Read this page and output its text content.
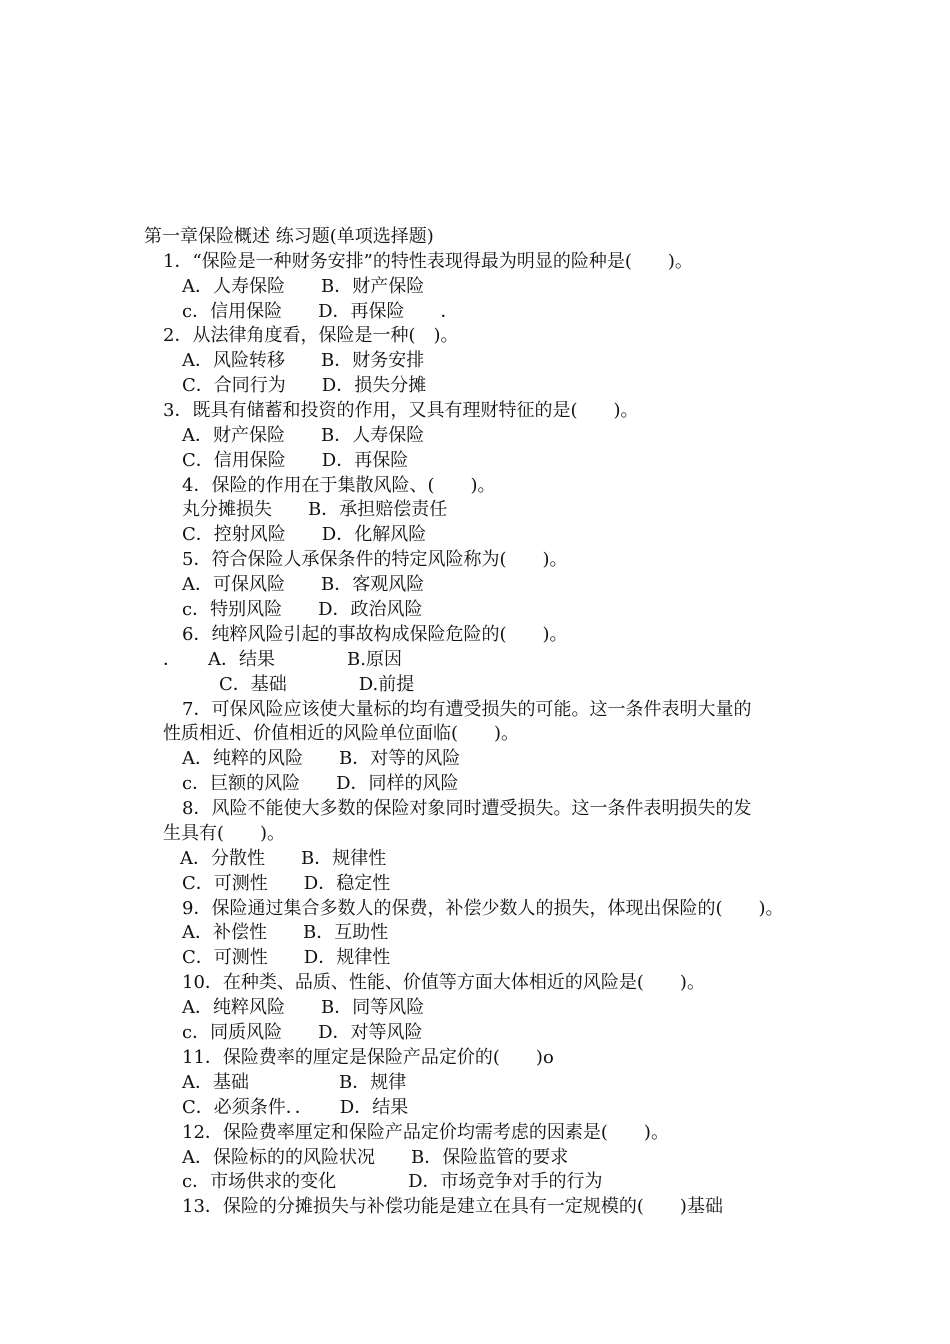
第一章保险概述 练习题(单项选择题)
1．“保险是一种财务安排”的特性表现得最为明显的险种是(　　)。
A．人寿保险　　B．财产保险
c．信用保险　　D．再保险　　．
2．从法律角度看，保险是一种(　)。
A．风险转移　　B．财务安排
C．合同行为　　D．损失分摊
3．既具有储蓄和投资的作用，又具有理财特征的是(　　)。
A．财产保险　　B．人寿保险
C．信用保险　　D．再保险
4．保险的作用在于集散风险、(　　)。
丸分摊损失　　B．承担赔偿责任
C．控射风险　　D．化解风险
5．符合保险人承保条件的特定风险称为(　　)。
A．可保风险　　B．客观风险
c．特别风险　　D．政治风险
6．纯粹风险引起的事故构成保险危险的(　　)。
．　　A．结果　　　　B.原因
C．基础　　　　D.前提
7．可保风险应该使大量标的均有遭受损失的可能。这一条件表明大量的
性质相近、价值相近的风险单位面临(　　)。
A．纯粹的风险　　B．对等的风险
c．巨额的风险　　D．同样的风险
8．风险不能使大多数的保险对象同时遭受损失。这一条件表明损失的发
生具有(　　)。
A．分散性　　B．规律性
C．可测性　　D．稳定性
9．保险通过集合多数人的保费，补偿少数人的损失，体现出保险的(　　)。
A．补偿性　　B．互助性
C．可测性　　D．规律性
10．在种类、品质、性能、价值等方面大体相近的风险是(　　)。
A．纯粹风险　　B．同等风险
c．同质风险　　D．对等风险
11．保险费率的厘定是保险产品定价的(　　)o
A．基础　　　　　B．规律
C．必须条件．．　　D．结果
12．保险费率厘定和保险产品定价均需考虑的因素是(　　)。
A．保险标的的风险状况　　B．保险监管的要求
c．市场供求的变化　　　　D．市场竞争对手的行为
13．保险的分摊损失与补偿功能是建立在具有一定规模的(　　)基础
